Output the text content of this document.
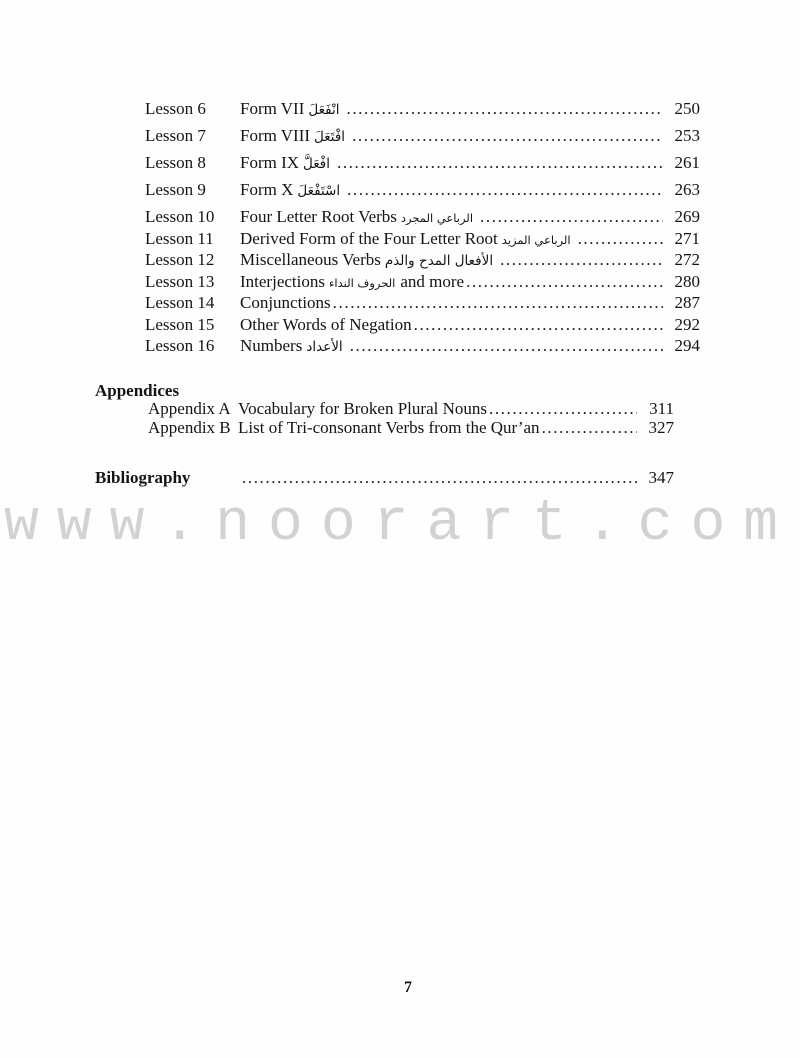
Lesson 6	Form VII انْفَعَلَ .....	250
Lesson 7	Form VIII افْتَعَلَ .....	253
Lesson 8	Form IX افْعَلَّ .....	261
Lesson 9	Form X اسْتَفْعَلَ .....	263
Lesson 10	Four Letter Root Verbs الرباعي المجرد .....	269
Lesson 11	Derived Form of the Four Letter Root الرباعي المزيد .....	271
Lesson 12	Miscellaneous Verbs الأفعال المدح والذم .....	272
Lesson 13	Interjections الحروف النداء and more .....	280
Lesson 14	Conjunctions .....	287
Lesson 15	Other Words of Negation .....	292
Lesson 16	Numbers الأعداد .....	294
Appendices
Appendix A Vocabulary for Broken Plural Nouns .....	311
Appendix B List of Tri-consonant Verbs from the Qur’an .....	327
Bibliography .....	347
www.noorart.com
7
